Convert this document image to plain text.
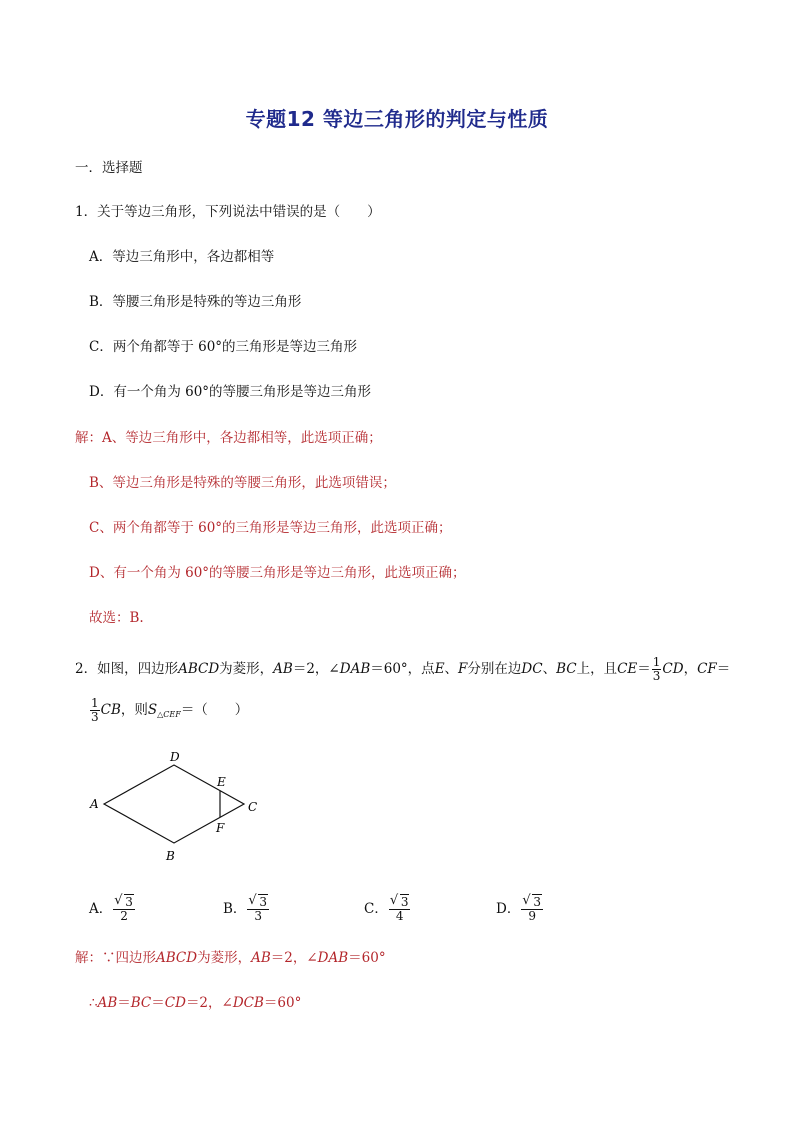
专题12 等边三角形的判定与性质
一．选择题
1．关于等边三角形，下列说法中错误的是（　　）
A．等边三角形中，各边都相等
B．等腰三角形是特殊的等边三角形
C．两个角都等于 60°的三角形是等边三角形
D．有一个角为 60°的等腰三角形是等边三角形
解：A、等边三角形中，各边都相等，此选项正确；
B、等边三角形是特殊的等腰三角形，此选项错误；
C、两个角都等于 60°的三角形是等边三角形，此选项正确；
D、有一个角为 60°的等腰三角形是等边三角形，此选项正确；
故选：B.
2．如图，四边形ABCD为菱形，AB＝2，∠DAB＝60°，点E、F分别在边DC、BC上，且$CE= \frac{1}{3}$ CD，CF＝
$\frac{1}{3}$ CB，则$S_{\triangle CEF}=$（　　）
D
E
A	C
F
B
A． $\frac{√ 3}{2}$	B． $\frac{√ 3}{3}$	C． $\frac{√ 3}{4}$	D． $\frac{√ 3}{9}$
解：∵四边形ABCD为菱形，AB＝2，∠DAB＝60°
∴AB＝BC＝CD＝2，∠DCB＝60°
